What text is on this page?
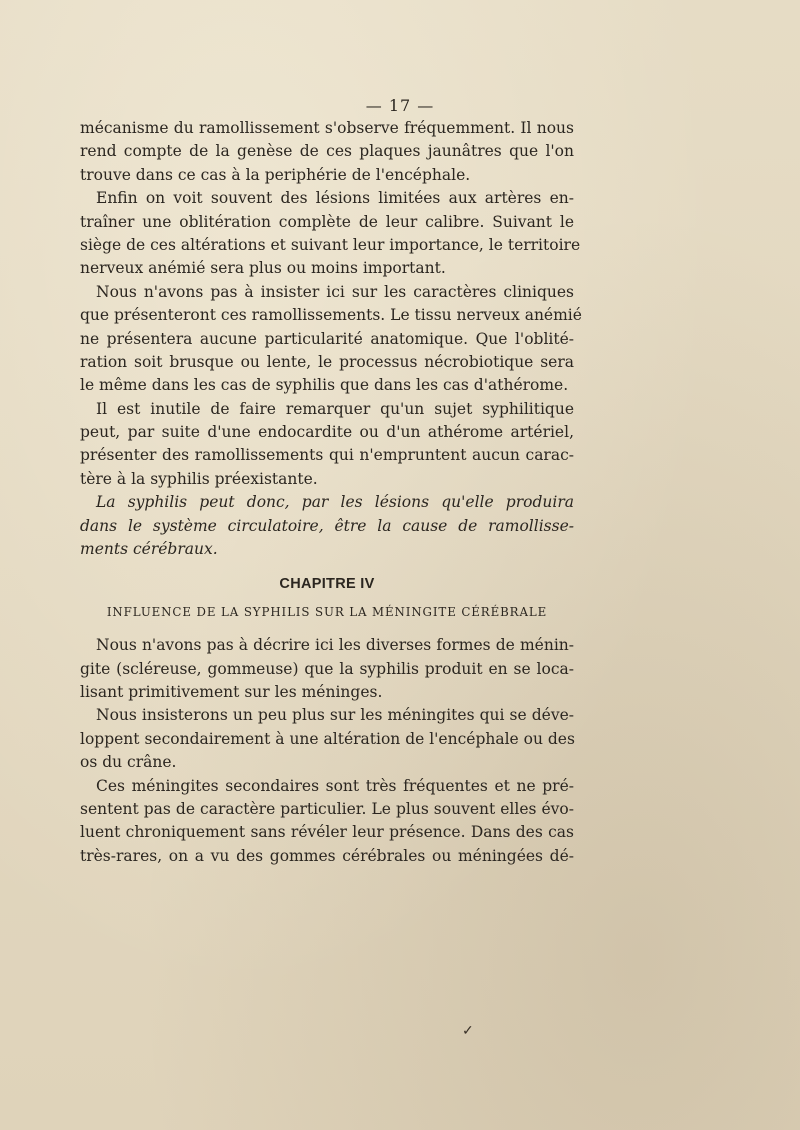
— 17 —
mécanisme du ramollissement s'observe fréquemment. Il nous
rend compte de la genèse de ces plaques jaunâtres que l'on
trouve dans ce cas à la periphérie de l'encéphale.
Enfin on voit souvent des lésions limitées aux artères en-
traîner une oblitération complète de leur calibre. Suivant le
siège de ces altérations et suivant leur importance, le territoire
nerveux anémié sera plus ou moins important.
Nous n'avons pas à insister ici sur les caractères cliniques
que présenteront ces ramollissements. Le tissu nerveux anémié
ne présentera aucune particularité anatomique. Que l'oblité-
ration soit brusque ou lente, le processus nécrobiotique sera
le même dans les cas de syphilis que dans les cas d'athérome.
Il est inutile de faire remarquer qu'un sujet syphilitique
peut, par suite d'une endocardite ou d'un athérome artériel,
présenter des ramollissements qui n'empruntent aucun carac-
tère à la syphilis préexistante.
La syphilis peut donc, par les lésions qu'elle produira
dans le système circulatoire, être la cause de ramollisse-
ments cérébraux.
CHAPITRE IV
INFLUENCE DE LA SYPHILIS SUR LA MÉNINGITE CÉRÉBRALE
Nous n'avons pas à décrire ici les diverses formes de ménin-
gite (scléreuse, gommeuse) que la syphilis produit en se loca-
lisant primitivement sur les méninges.
Nous insisterons un peu plus sur les méningites qui se déve-
loppent secondairement à une altération de l'encéphale ou des
os du crâne.
Ces méningites secondaires sont très fréquentes et ne pré-
sentent pas de caractère particulier. Le plus souvent elles évo-
luent chroniquement sans révéler leur présence. Dans des cas
très-rares, on a vu des gommes cérébrales ou méningées dé-
✓
